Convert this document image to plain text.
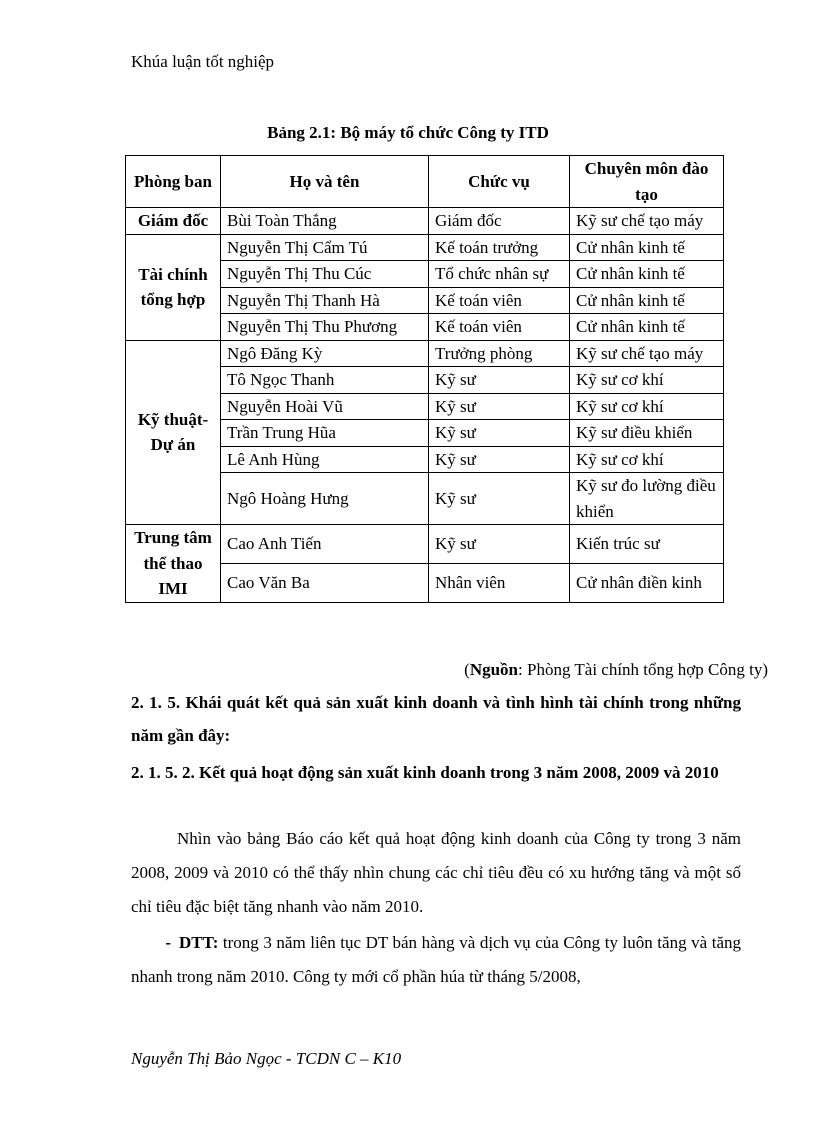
Khúa luận tốt nghiệp
Bảng 2.1: Bộ máy tổ chức Công ty ITD
Phòng ban	Họ và tên	Chức vụ	Chuyên môn đào tạo
Giám đốc	Bùi Toàn Thắng	Giám đốc	Kỹ sư chế tạo máy
Tài chính tổng hợp	Nguyễn Thị Cẩm Tú	Kế toán trưởng	Cử nhân kinh tế
	Nguyễn Thị Thu Cúc	Tổ chức nhân sự	Cử nhân kinh tế
	Nguyễn Thị Thanh Hà	Kế toán viên	Cử nhân kinh tế
	Nguyễn Thị Thu Phương	Kế toán viên	Cử nhân kinh tế
Kỹ thuật-Dự án	Ngô Đăng Kỳ	Trưởng phòng	Kỹ sư chế tạo máy
	Tô Ngọc Thanh	Kỹ sư	Kỹ sư cơ khí
	Nguyễn Hoài Vũ	Kỹ sư	Kỹ sư cơ khí
	Trần Trung Hũa	Kỹ sư	Kỹ sư điều khiển
	Lê Anh Hùng	Kỹ sư	Kỹ sư cơ khí
	Ngô Hoàng Hưng	Kỹ sư	Kỹ sư đo lường điều khiển
Trung tâm thể thao IMI	Cao Anh Tiến	Kỹ sư	Kiến trúc sư
	Cao Văn Ba	Nhân viên	Cử nhân điền kinh
(Nguồn: Phòng Tài chính tổng hợp Công ty)
2. 1. 5. Khái quát kết quả sản xuất kinh doanh và tình hình tài chính trong những năm gần đây:
2. 1. 5. 2. Kết quả hoạt động sản xuất kinh doanh trong 3 năm 2008, 2009 và 2010
Nhìn vào bảng Báo cáo kết quả hoạt động kinh doanh của Công ty trong 3 năm 2008, 2009 và 2010 có thể thấy nhìn chung các chỉ tiêu đều có xu hướng tăng và một số chỉ tiêu đặc biệt tăng nhanh vào năm 2010.
- DTT: trong 3 năm liên tục DT bán hàng và dịch vụ của Công ty luôn tăng và tăng nhanh trong năm 2010. Công ty mới cổ phần húa từ tháng 5/2008,
Nguyễn Thị Bảo Ngọc - TCDN C – K10
